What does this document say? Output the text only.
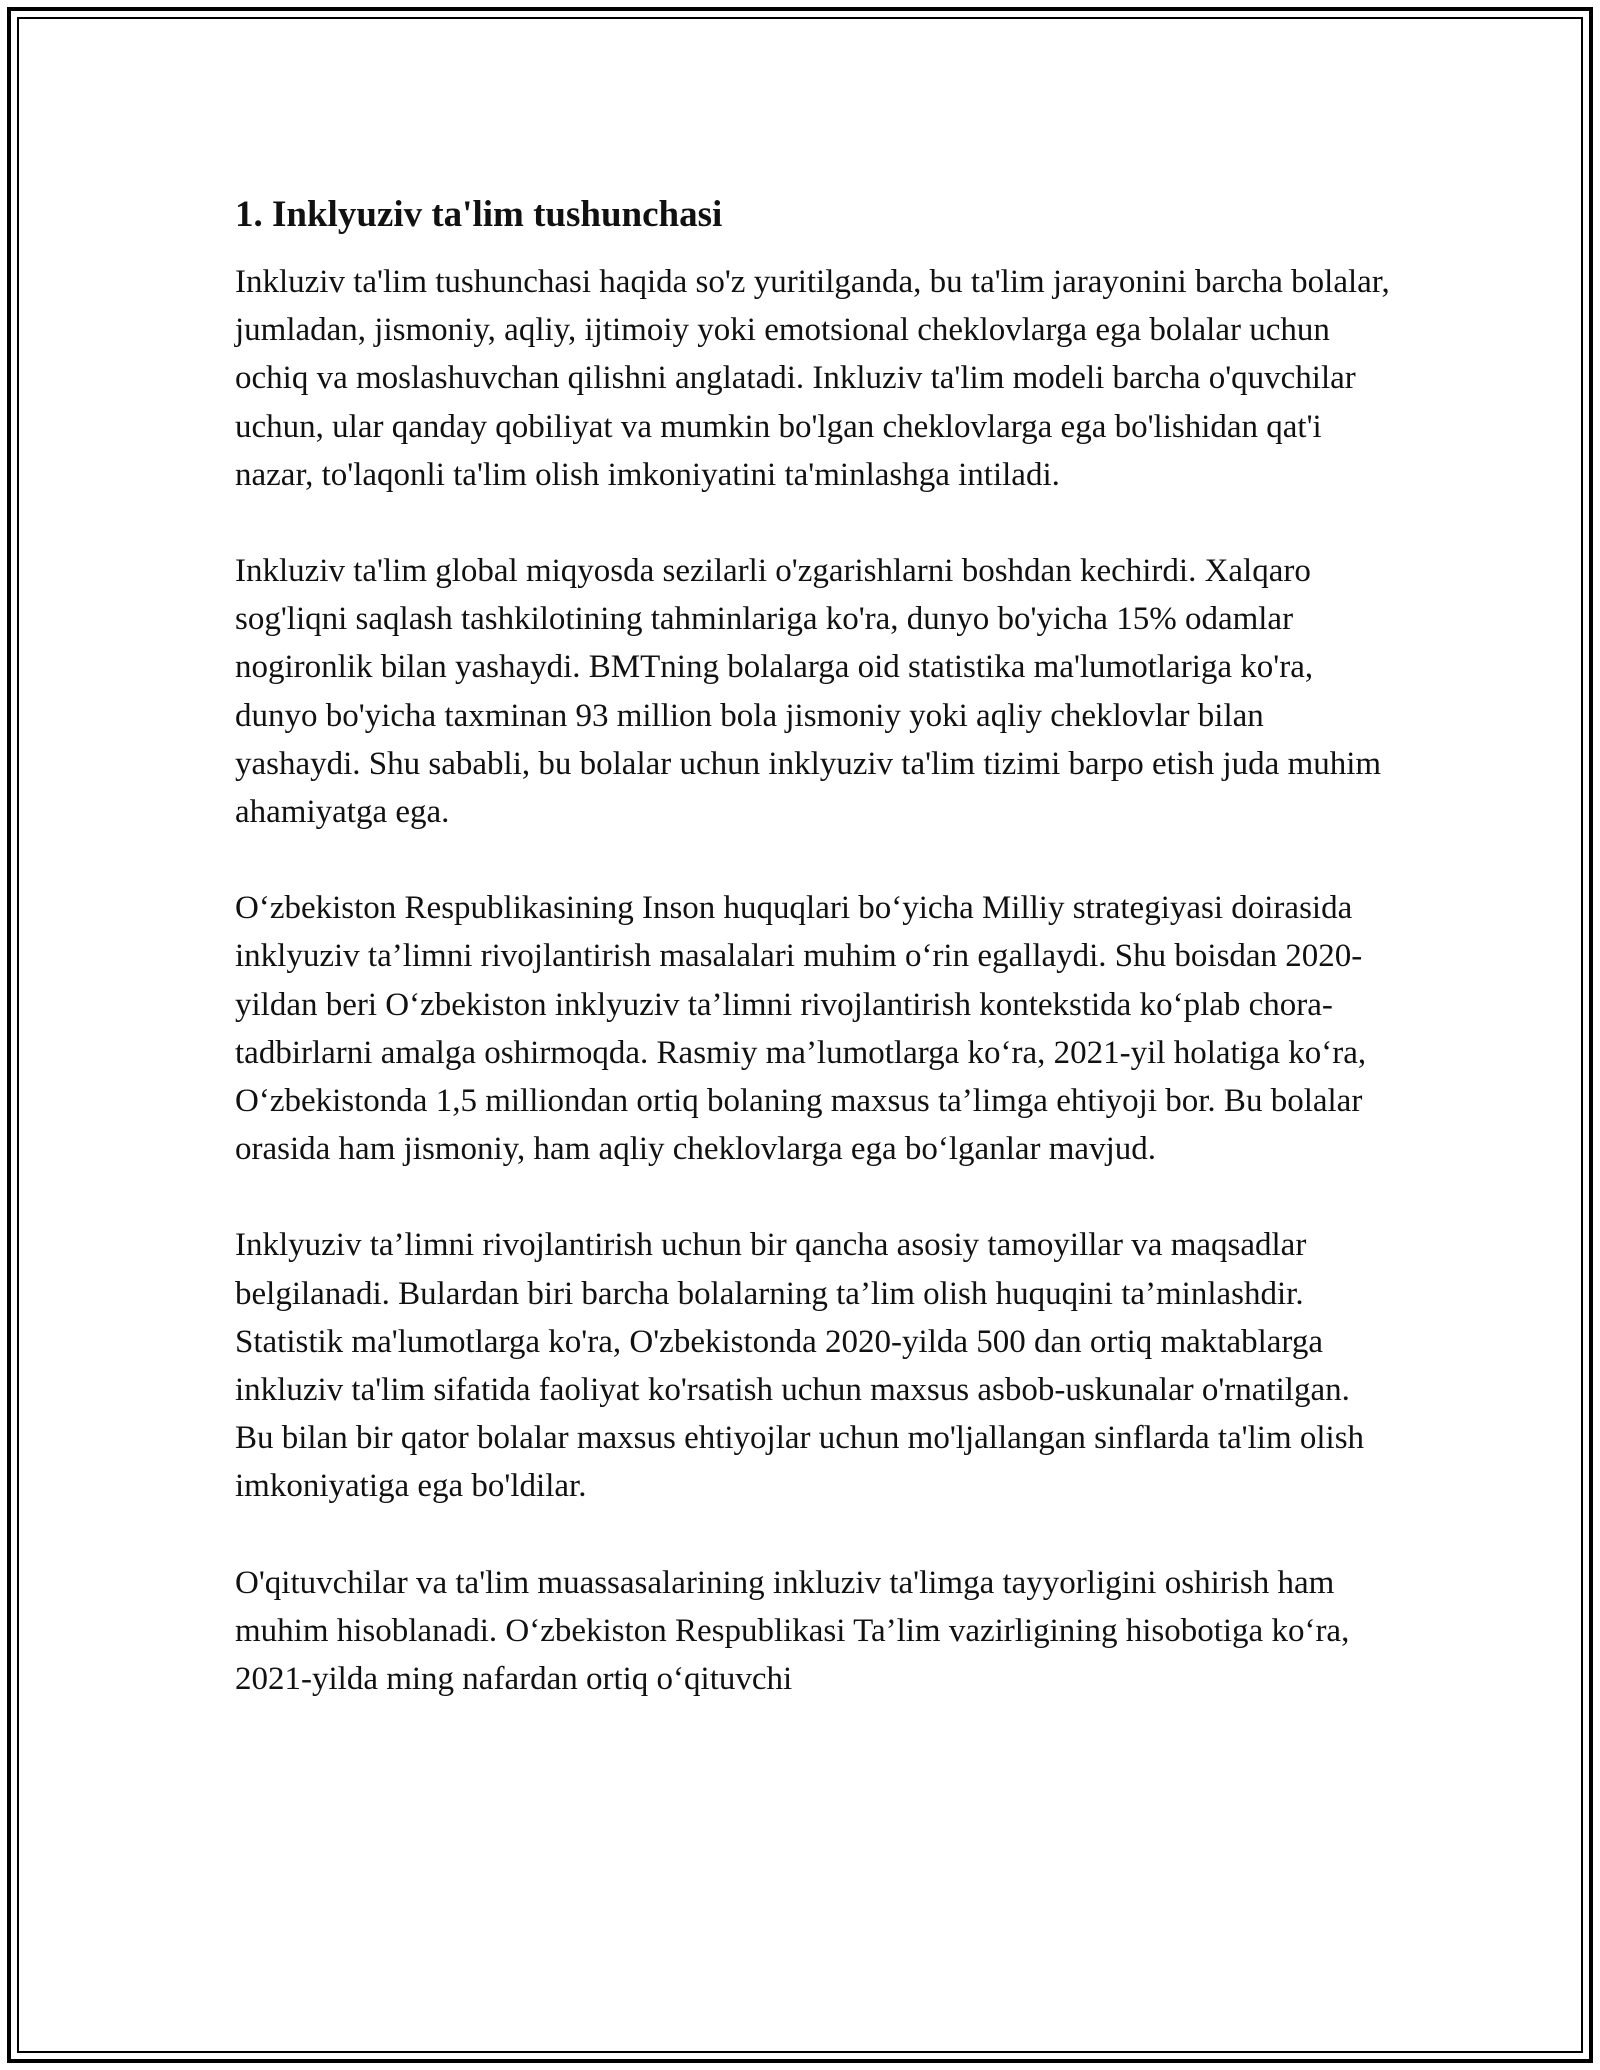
1. Inklyuziv ta'lim tushunchasi

Inkluziv ta'lim tushunchasi haqida so'z yuritilganda, bu ta'lim jarayonini barcha bolalar, jumladan, jismoniy, aqliy, ijtimoiy yoki emotsional cheklovlarga ega bolalar uchun ochiq va moslashuvchan qilishni anglatadi. Inkluziv ta'lim modeli barcha o'quvchilar uchun, ular qanday qobiliyat va mumkin bo'lgan cheklovlarga ega bo'lishidan qat'i nazar, to'laqonli ta'lim olish imkoniyatini ta'minlashga intiladi.

Inkluziv ta'lim global miqyosda sezilarli o'zgarishlarni boshdan kechirdi. Xalqaro sog'liqni saqlash tashkilotining tahminlariga ko'ra, dunyo bo'yicha 15% odamlar nogironlik bilan yashaydi. BMTning bolalarga oid statistika ma'lumotlariga ko'ra, dunyo bo'yicha taxminan 93 million bola jismoniy yoki aqliy cheklovlar bilan yashaydi. Shu sababli, bu bolalar uchun inklyuziv ta'lim tizimi barpo etish juda muhim ahamiyatga ega.

O‘zbekiston Respublikasining Inson huquqlari bo‘yicha Milliy strategiyasi doirasida inklyuziv ta’limni rivojlantirish masalalari muhim o‘rin egallaydi. Shu boisdan 2020-yildan beri O‘zbekiston inklyuziv ta’limni rivojlantirish kontekstida ko‘plab chora-tadbirlarni amalga oshirmoqda. Rasmiy ma’lumotlarga ko‘ra, 2021-yil holatiga ko‘ra, O‘zbekistonda 1,5 milliondan ortiq bolaning maxsus ta’limga ehtiyoji bor. Bu bolalar orasida ham jismoniy, ham aqliy cheklovlarga ega bo‘lganlar mavjud.

Inklyuziv ta’limni rivojlantirish uchun bir qancha asosiy tamoyillar va maqsadlar belgilanadi. Bulardan biri barcha bolalarning ta’lim olish huquqini ta’minlashdir. Statistik ma'lumotlarga ko'ra, O'zbekistonda 2020-yilda 500 dan ortiq maktablarga inkluziv ta'lim sifatida faoliyat ko'rsatish uchun maxsus asbob-uskunalar o'rnatilgan. Bu bilan bir qator bolalar maxsus ehtiyojlar uchun mo'ljallangan sinflarda ta'lim olish imkoniyatiga ega bo'ldilar.

O'qituvchilar va ta'lim muassasalarining inkluziv ta'limga tayyorligini oshirish ham muhim hisoblanadi. O‘zbekiston Respublikasi Ta’lim vazirligining hisobotiga ko‘ra, 2021-yilda ming nafardan ortiq o‘qituvchi
